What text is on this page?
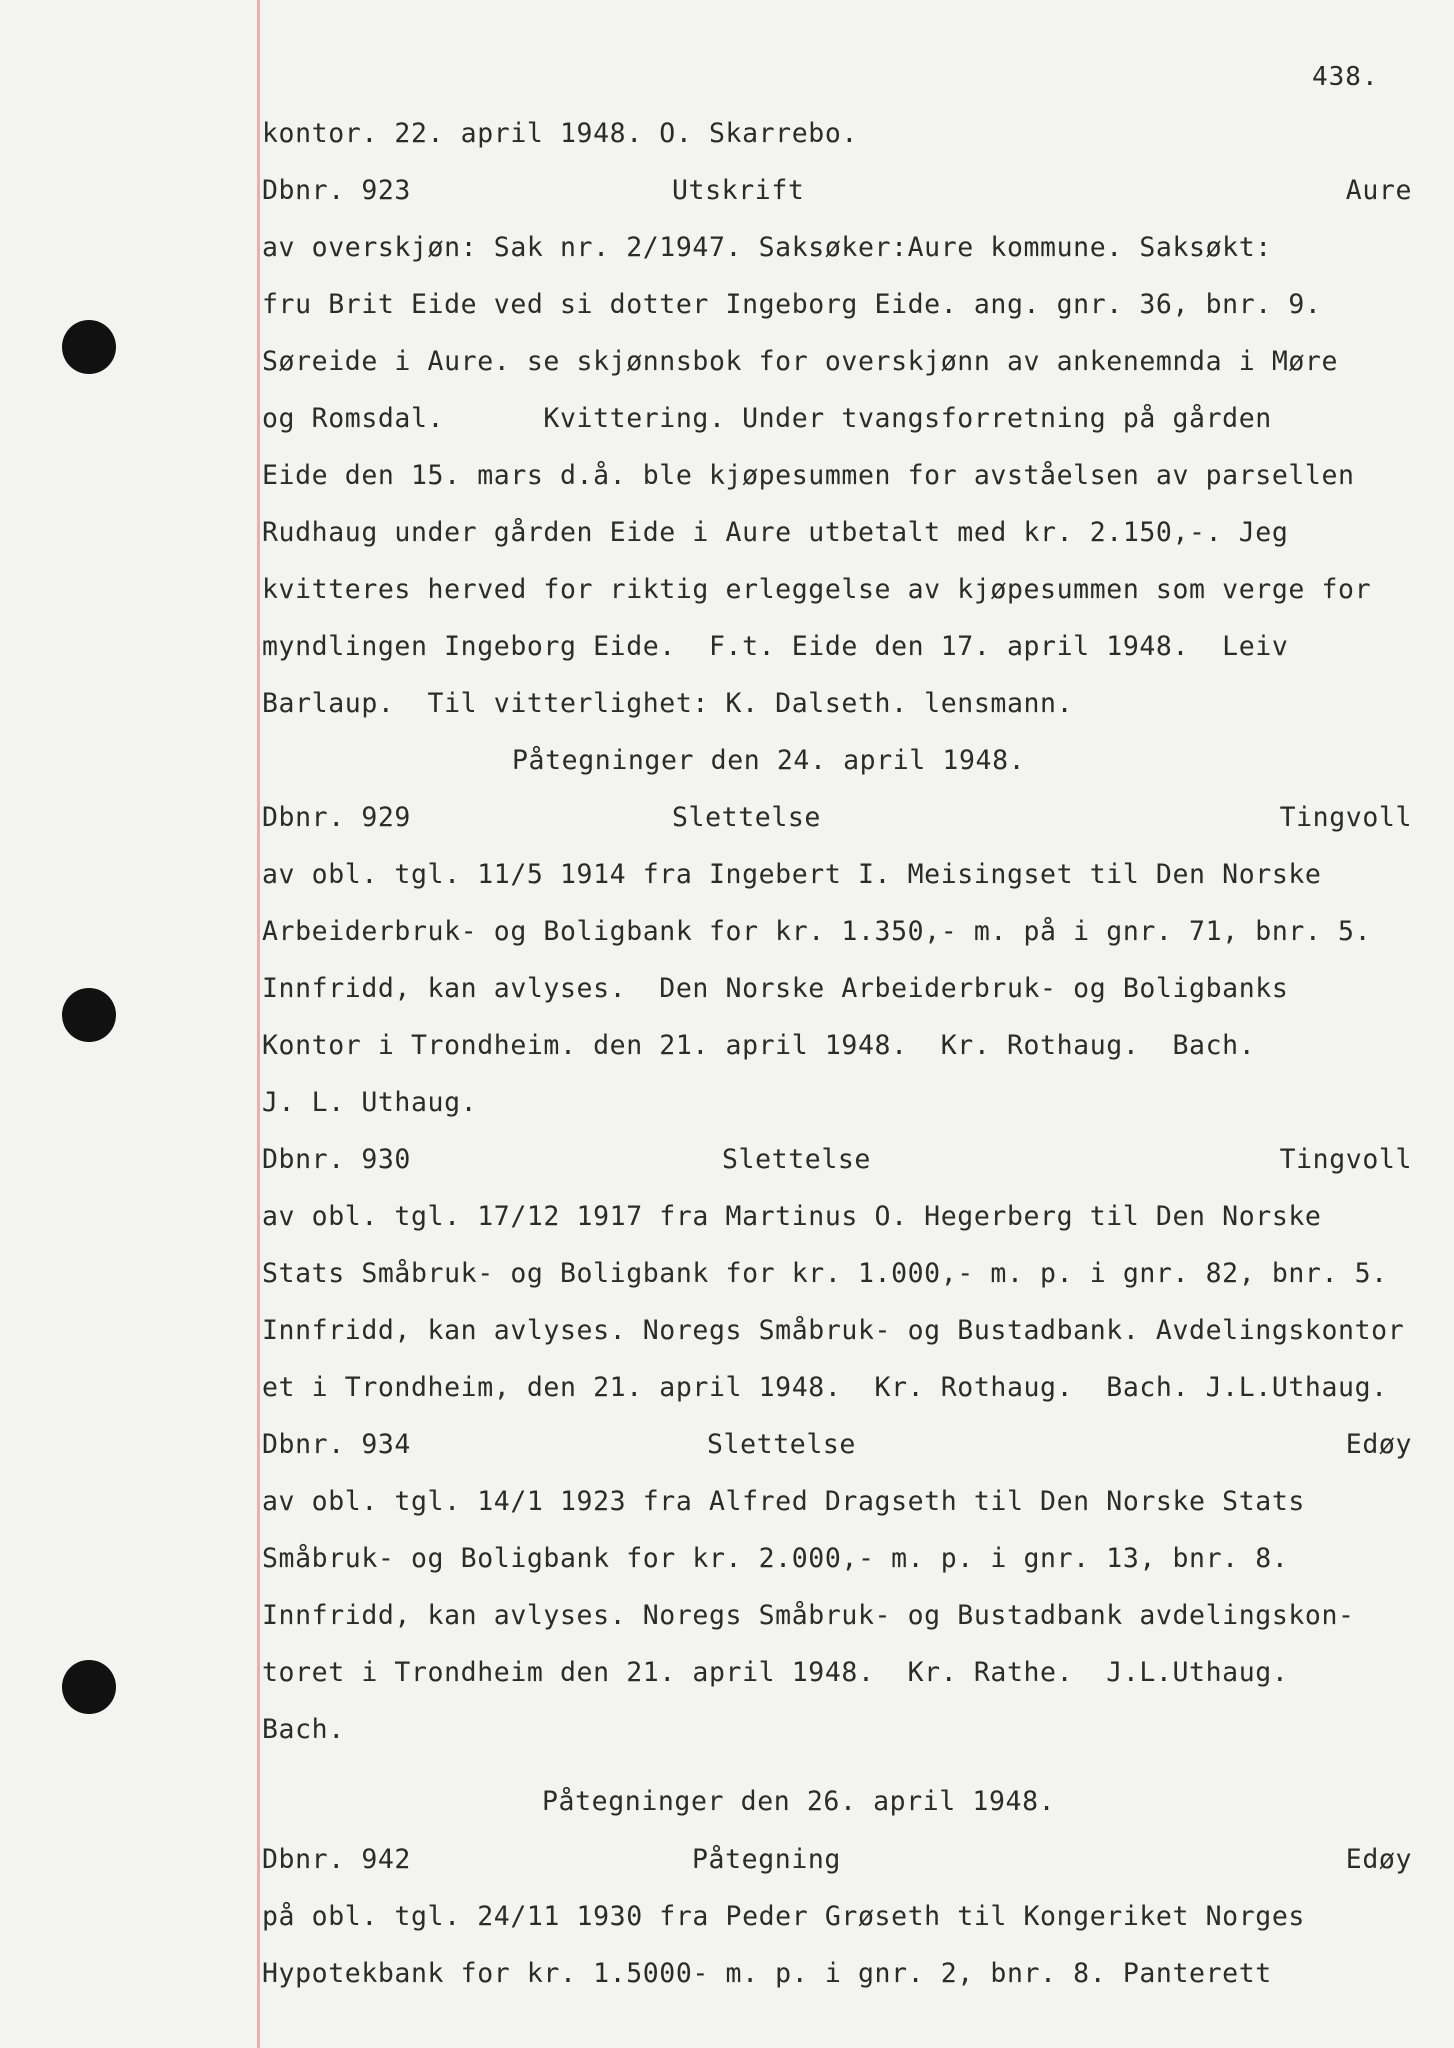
438.
kontor. 22. april 1948. O. Skarrebo.
Dbnr. 923	Utskrift	Aure
av overskjøn: Sak nr. 2/1947. Saksøker:Aure kommune. Saksøkt:
fru Brit Eide ved si dotter Ingeborg Eide. ang. gnr. 36, bnr. 9.
Søreide i Aure. se skjønnsbok for overskjønn av ankenemnda i Møre
og Romsdal.      Kvittering. Under tvangsforretning på gården
Eide den 15. mars d.å. ble kjøpesummen for avståelsen av parsellen
Rudhaug under gården Eide i Aure utbetalt med kr. 2.150,-. Jeg
kvitteres herved for riktig erleggelse av kjøpesummen som verge for
myndlingen Ingeborg Eide.  F.t. Eide den 17. april 1948.  Leiv
Barlaup.  Til vitterlighet: K. Dalseth. lensmann.
Påtegninger den 24. april 1948.
Dbnr. 929	Slettelse	Tingvoll
av obl. tgl. 11/5 1914 fra Ingebert I. Meisingset til Den Norske
Arbeiderbruk- og Boligbank for kr. 1.350,- m. på i gnr. 71, bnr. 5.
Innfridd, kan avlyses.  Den Norske Arbeiderbruk- og Boligbanks
Kontor i Trondheim. den 21. april 1948.  Kr. Rothaug.  Bach.
J. L. Uthaug.
Dbnr. 930	Slettelse	Tingvoll
av obl. tgl. 17/12 1917 fra Martinus O. Hegerberg til Den Norske
Stats Småbruk- og Boligbank for kr. 1.000,- m. p. i gnr. 82, bnr. 5.
Innfridd, kan avlyses. Noregs Småbruk- og Bustadbank. Avdelingskontor
et i Trondheim, den 21. april 1948.  Kr. Rothaug.  Bach. J.L.Uthaug.
Dbnr. 934	Slettelse	Edøy
av obl. tgl. 14/1 1923 fra Alfred Dragseth til Den Norske Stats
Småbruk- og Boligbank for kr. 2.000,- m. p. i gnr. 13, bnr. 8.
Innfridd, kan avlyses. Noregs Småbruk- og Bustadbank avdelingskon-
toret i Trondheim den 21. april 1948.  Kr. Rathe.  J.L.Uthaug.
Bach.
Påtegninger den 26. april 1948.
Dbnr. 942	Påtegning	Edøy
på obl. tgl. 24/11 1930 fra Peder Grøseth til Kongeriket Norges
Hypotekbank for kr. 1.5000- m. p. i gnr. 2, bnr. 8. Panterett
